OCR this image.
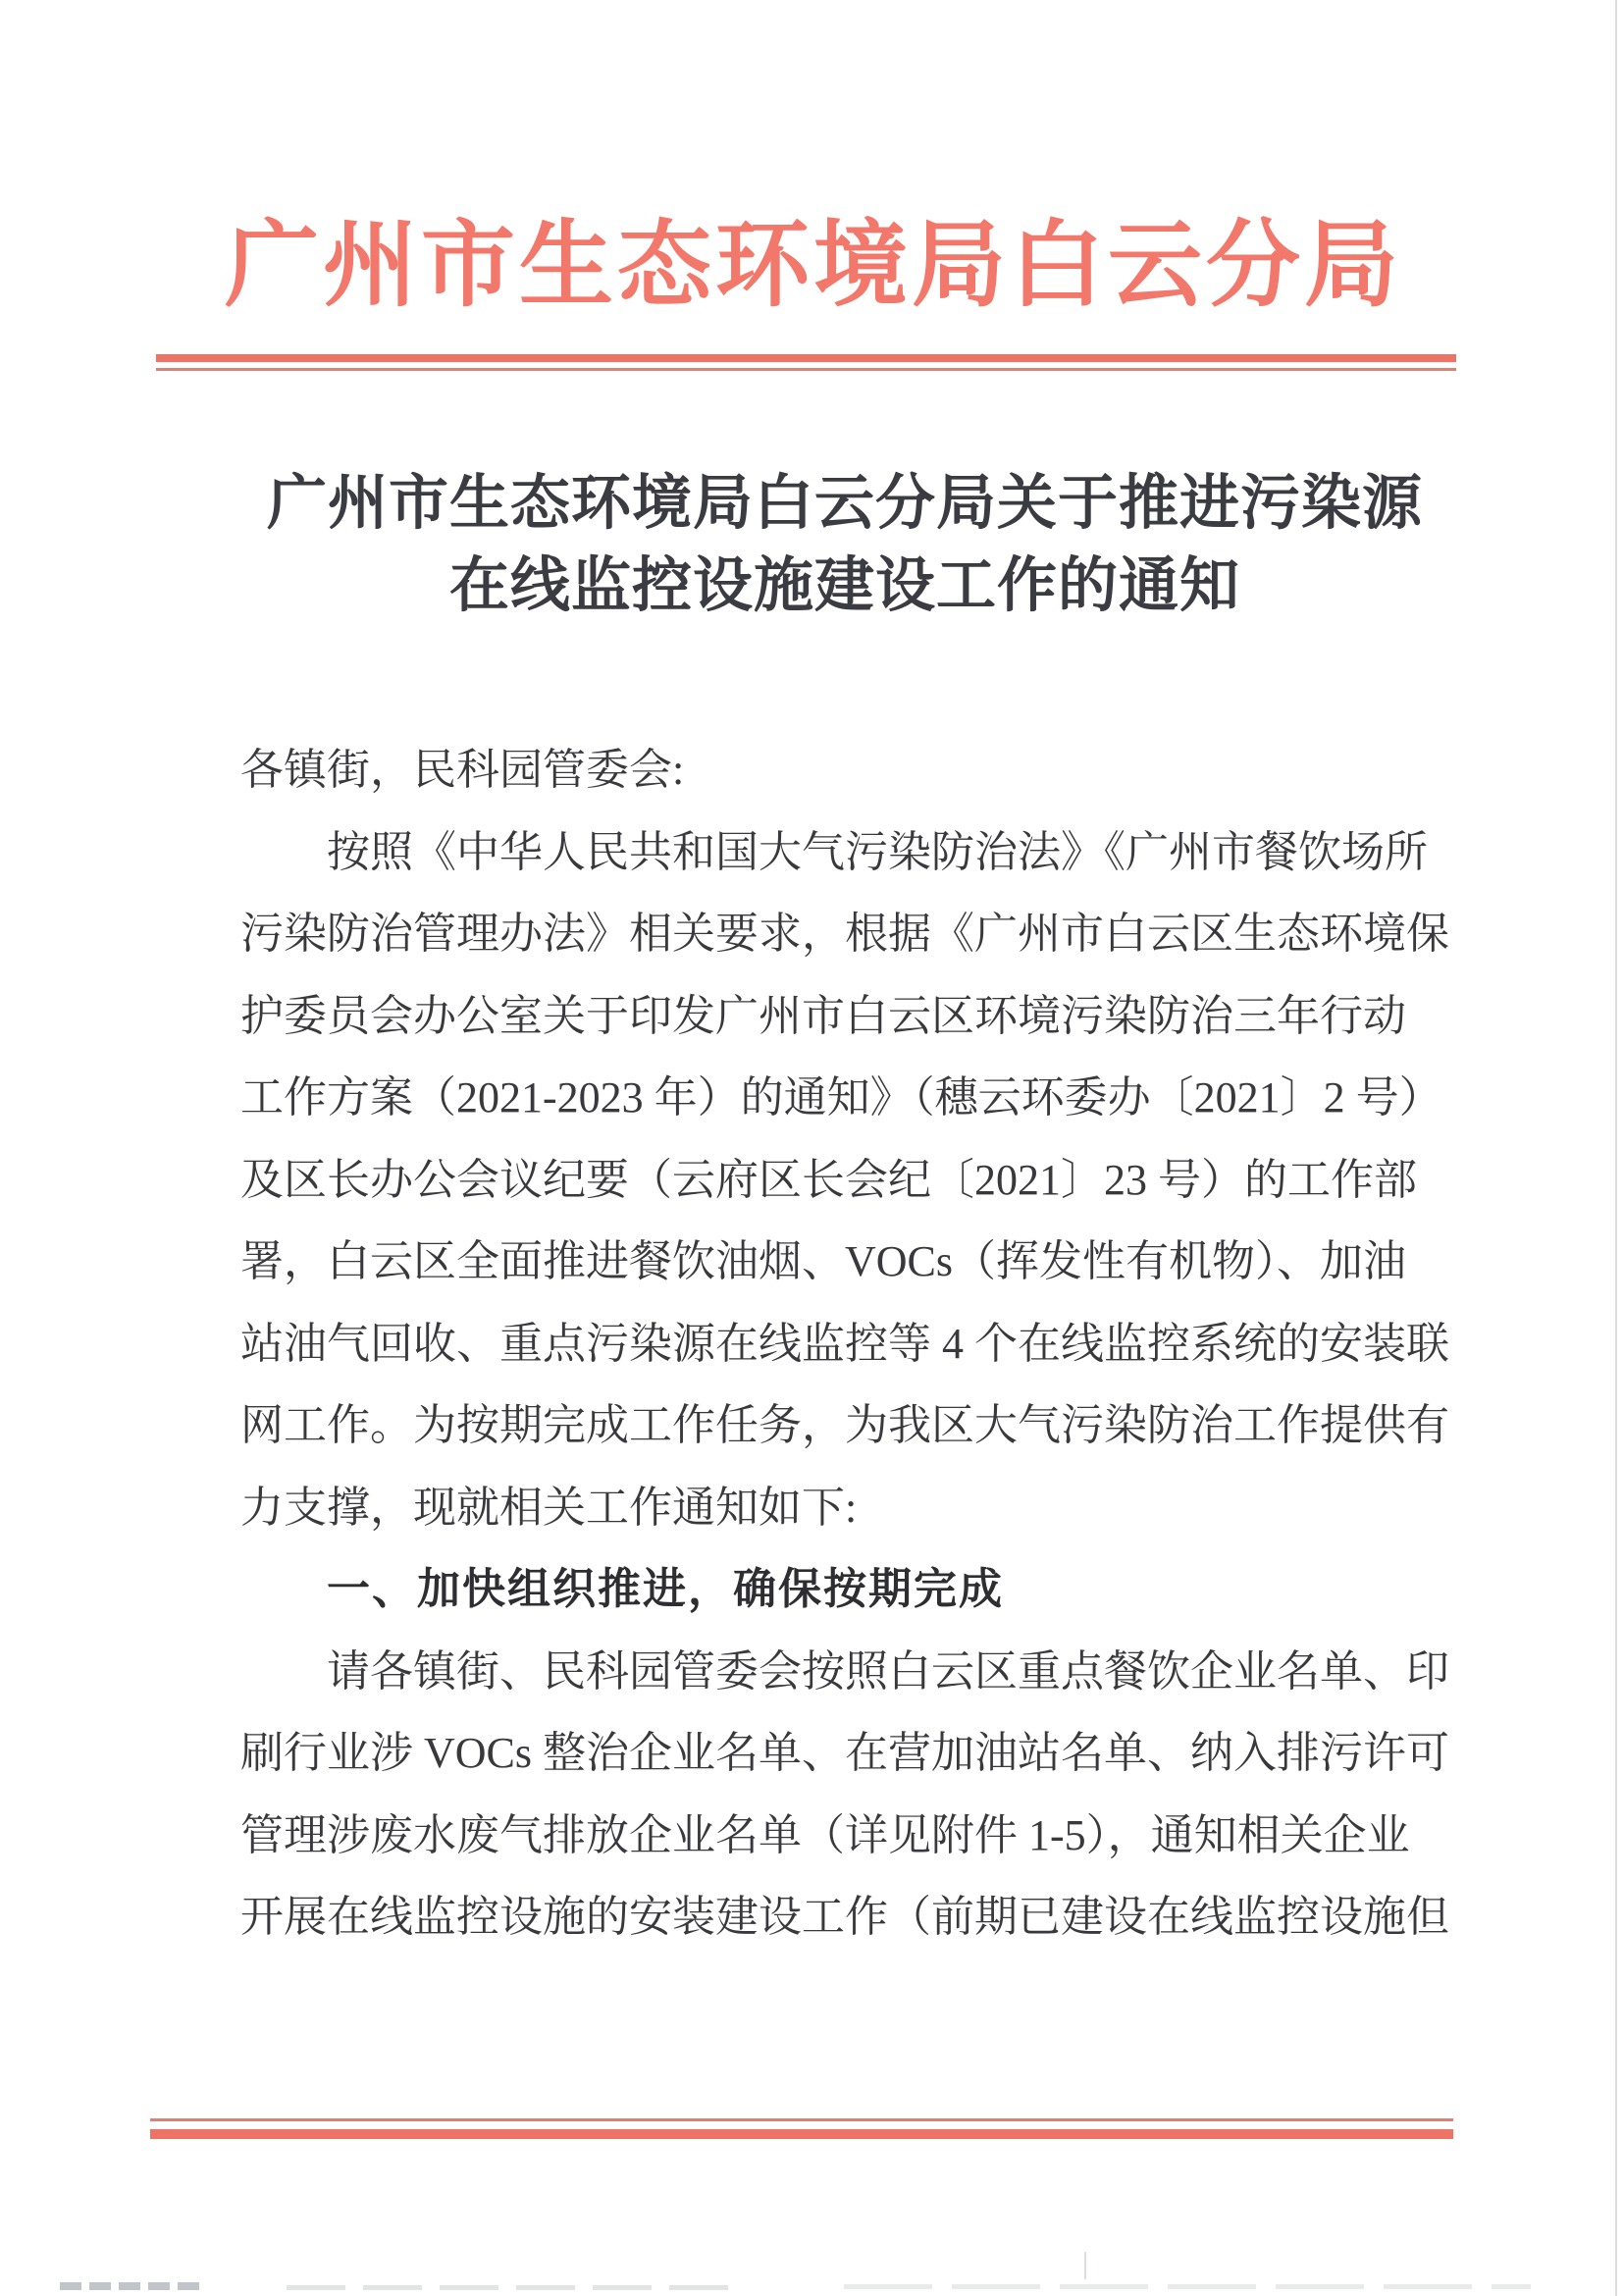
广州市生态环境局白云分局
广州市生态环境局白云分局关于推进污染源
在线监控设施建设工作的通知
各镇街，民科园管委会:
按照《中华人民共和国大气污染防治法》《广州市餐饮场所
污染防治管理办法》相关要求，根据《广州市白云区生态环境保
护委员会办公室关于印发广州市白云区环境污染防治三年行动
工作方案（2021-2023 年）的通知》（穗云环委办〔2021〕2 号）
及区长办公会议纪要（云府区长会纪〔2021〕23 号）的工作部
署，白云区全面推进餐饮油烟、VOCs（挥发性有机物）、加油
站油气回收、重点污染源在线监控等 4 个在线监控系统的安装联
网工作。为按期完成工作任务，为我区大气污染防治工作提供有
力支撑，现就相关工作通知如下:
一、加快组织推进，确保按期完成
请各镇街、民科园管委会按照白云区重点餐饮企业名单、印
刷行业涉 VOCs 整治企业名单、在营加油站名单、纳入排污许可
管理涉废水废气排放企业名单（详见附件 1-5），通知相关企业
开展在线监控设施的安装建设工作（前期已建设在线监控设施但
